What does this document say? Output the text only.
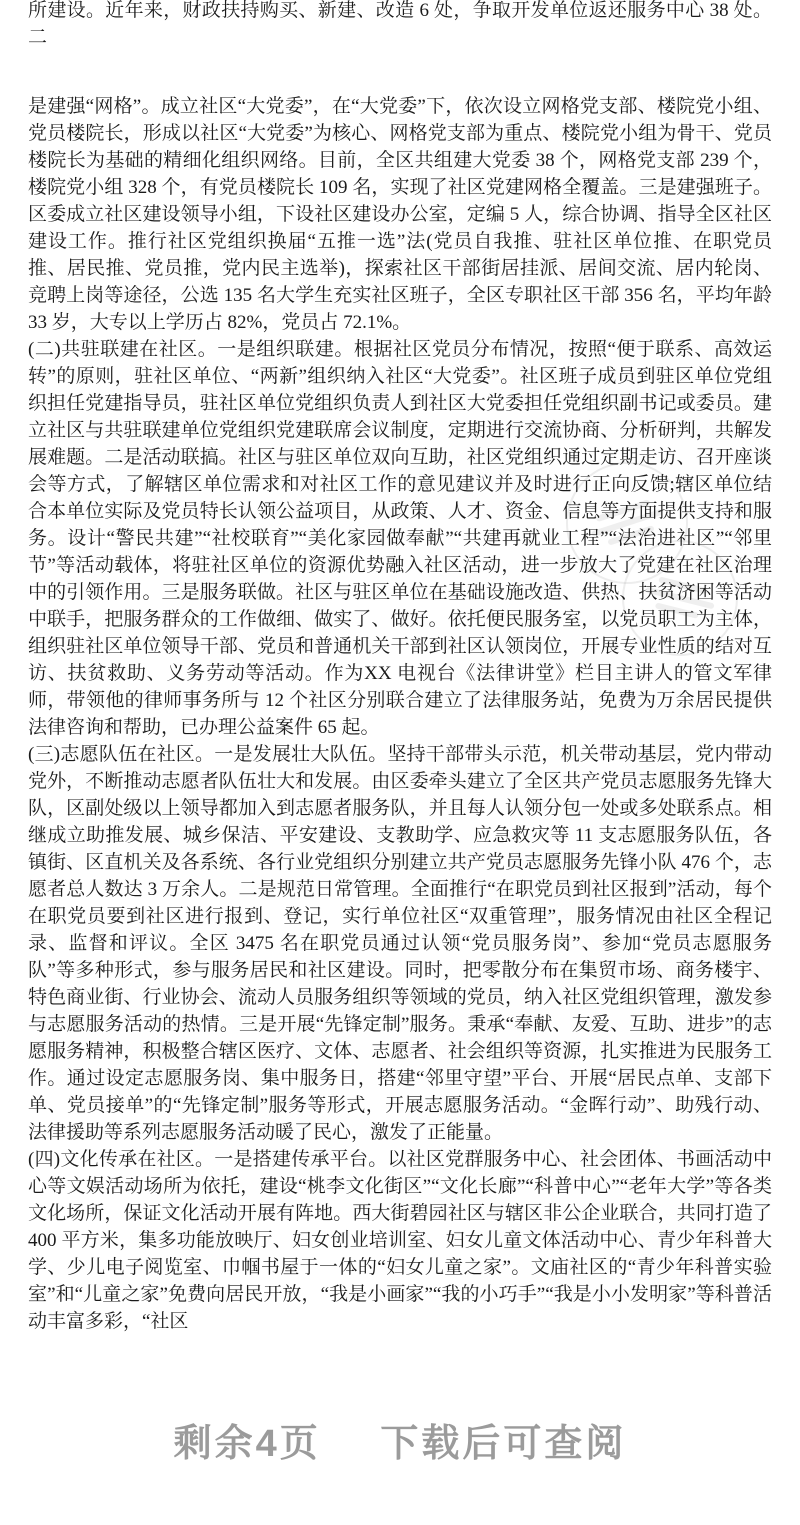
所建设。近年来，财政扶持购买、新建、改造 6 处，争取开发单位返还服务中心 38 处。二

是建强“网格”。成立社区“大党委”，在“大党委”下，依次设立网格党支部、楼院党小组、党员楼院长，形成以社区“大党委”为核心、网格党支部为重点、楼院党小组为骨干、党员楼院长为基础的精细化组织网络。目前，全区共组建大党委 38 个，网格党支部 239 个，楼院党小组 328 个，有党员楼院长 109 名，实现了社区党建网格全覆盖。三是建强班子。区委成立社区建设领导小组，下设社区建设办公室，定编 5 人，综合协调、指导全区社区建设工作。推行社区党组织换届“五推一选”法(党员自我推、驻社区单位推、在职党员推、居民推、党员推，党内民主选举)，探索社区干部街居挂派、居间交流、居内轮岗、竞聘上岗等途径，公选 135 名大学生充实社区班子，全区专职社区干部 356 名，平均年龄 33 岁，大专以上学历占 82%，党员占 72.1%。

(二)共驻联建在社区。一是组织联建。根据社区党员分布情况，按照“便于联系、高效运转”的原则，驻社区单位、“两新”组织纳入社区“大党委”。社区班子成员到驻区单位党组织担任党建指导员，驻社区单位党组织负责人到社区大党委担任党组织副书记或委员。建立社区与共驻联建单位党组织党建联席会议制度，定期进行交流协商、分析研判，共解发展难题。二是活动联搞。社区与驻区单位双向互助，社区党组织通过定期走访、召开座谈会等方式，了解辖区单位需求和对社区工作的意见建议并及时进行正向反馈;辖区单位结合本单位实际及党员特长认领公益项目，从政策、人才、资金、信息等方面提供支持和服务。设计“警民共建”“社校联育”“美化家园做奉献”“共建再就业工程”“法治进社区”“邻里节”等活动载体，将驻社区单位的资源优势融入社区活动，进一步放大了党建在社区治理中的引领作用。三是服务联做。社区与驻区单位在基础设施改造、供热、扶贫济困等活动中联手，把服务群众的工作做细、做实了、做好。依托便民服务室，以党员职工为主体，组织驻社区单位领导干部、党员和普通机关干部到社区认领岗位，开展专业性质的结对互访、扶贫救助、义务劳动等活动。作为XX 电视台《法律讲堂》栏目主讲人的管文军律师，带领他的律师事务所与 12 个社区分别联合建立了法律服务站，免费为万余居民提供法律咨询和帮助，已办理公益案件 65 起。

(三)志愿队伍在社区。一是发展壮大队伍。坚持干部带头示范，机关带动基层，党内带动党外，不断推动志愿者队伍壮大和发展。由区委牵头建立了全区共产党员志愿服务先锋大队，区副处级以上领导都加入到志愿者服务队，并且每人认领分包一处或多处联系点。相继成立助推发展、城乡保洁、平安建设、支教助学、应急救灾等 11 支志愿服务队伍，各镇街、区直机关及各系统、各行业党组织分别建立共产党员志愿服务先锋小队 476 个，志愿者总人数达 3 万余人。二是规范日常管理。全面推行“在职党员到社区报到”活动，每个在职党员要到社区进行报到、登记，实行单位社区“双重管理”，服务情况由社区全程记录、监督和评议。全区 3475 名在职党员通过认领“党员服务岗”、参加“党员志愿服务队”等多种形式，参与服务居民和社区建设。同时，把零散分布在集贸市场、商务楼宇、特色商业街、行业协会、流动人员服务组织等领域的党员，纳入社区党组织管理，激发参与志愿服务活动的热情。三是开展“先锋定制”服务。秉承“奉献、友爱、互助、进步”的志愿服务精神，积极整合辖区医疗、文体、志愿者、社会组织等资源，扎实推进为民服务工作。通过设定志愿服务岗、集中服务日，搭建“邻里守望”平台、开展“居民点单、支部下单、党员接单”的“先锋定制”服务等形式，开展志愿服务活动。“金晖行动”、助残行动、法律援助等系列志愿服务活动暖了民心，激发了正能量。

(四)文化传承在社区。一是搭建传承平台。以社区党群服务中心、社会团体、书画活动中心等文娱活动场所为依托，建设“桃李文化街区”“文化长廊”“科普中心”“老年大学”等各类文化场所，保证文化活动开展有阵地。西大街碧园社区与辖区非公企业联合，共同打造了 400 平方米，集多功能放映厅、妇女创业培训室、妇女儿童文体活动中心、青少年科普大学、少儿电子阅览室、巾帼书屋于一体的“妇女儿童之家”。文庙社区的“青少年科普实验室”和“儿童之家”免费向居民开放，“我是小画家”“我的小巧手”“我是小小发明家”等科普活动丰富多彩，“社区

剩余4页 下载后可查阅
